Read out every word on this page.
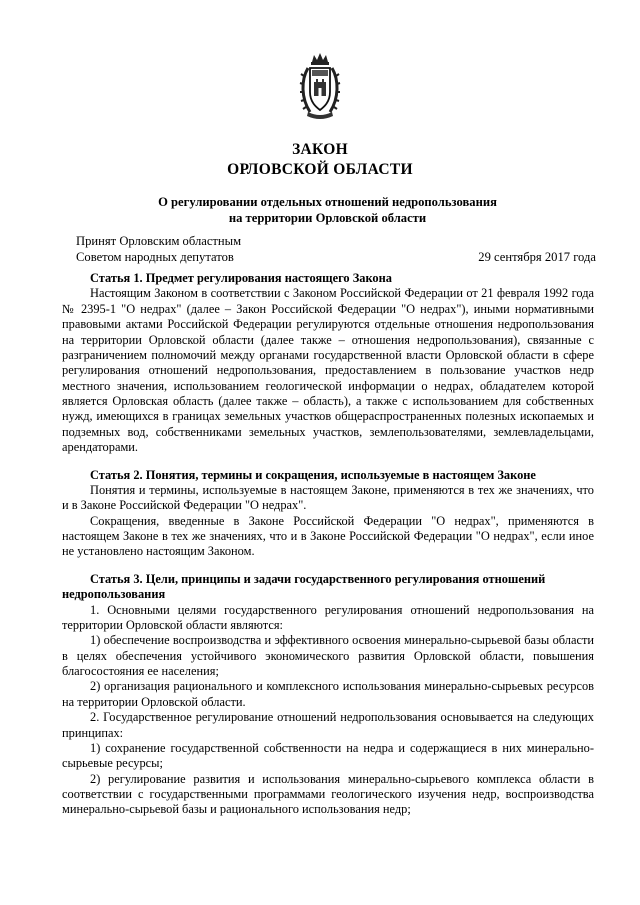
ЗАКОН
ОРЛОВСКОЙ ОБЛАСТИ
О регулировании отдельных отношений недропользования
на территории Орловской области
Принят Орловским областным
Советом народных депутатов	29 сентября 2017 года
Статья 1. Предмет регулирования настоящего Закона

Настоящим Законом в соответствии с Законом Российской Федерации от 21 февраля 1992 года № 2395-1 "О недрах" (далее – Закон Российской Федерации "О недрах"), иными нормативными правовыми актами Российской Федерации регулируются отдельные отношения недропользования на территории Орловской области (далее также – отношения недропользования), связанные с разграничением полномочий между органами государственной власти Орловской области в сфере регулирования отношений недропользования, предоставлением в пользование участков недр местного значения, использованием геологической информации о недрах, обладателем которой является Орловская область (далее также – область), а также с использованием для собственных нужд, имеющихся в границах земельных участков общераспространенных полезных ископаемых и подземных вод, собственниками земельных участков, землепользователями, землевладельцами, арендаторами.

Статья 2. Понятия, термины и сокращения, используемые в настоящем Законе

Понятия и термины, используемые в настоящем Законе, применяются в тех же значениях, что и в Законе Российской Федерации "О недрах".

Сокращения, введенные в Законе Российской Федерации "О недрах", применяются в настоящем Законе в тех же значениях, что и в Законе Российской Федерации "О недрах", если иное не установлено настоящим Законом.

Статья 3. Цели, принципы и задачи государственного регулирования отношений недропользования

1. Основными целями государственного регулирования отношений недропользования на территории Орловской области являются:

1) обеспечение воспроизводства и эффективного освоения минерально-сырьевой базы области в целях обеспечения устойчивого экономического развития Орловской области, повышения благосостояния ее населения;

2) организация рационального и комплексного использования минерально-сырьевых ресурсов на территории Орловской области.

2. Государственное регулирование отношений недропользования основывается на следующих принципах:

1) сохранение государственной собственности на недра и содержащиеся в них минерально-сырьевые ресурсы;

2) регулирование развития и использования минерально-сырьевого комплекса области в соответствии с государственными программами геологического изучения недр, воспроизводства минерально-сырьевой базы и рационального использования недр;
